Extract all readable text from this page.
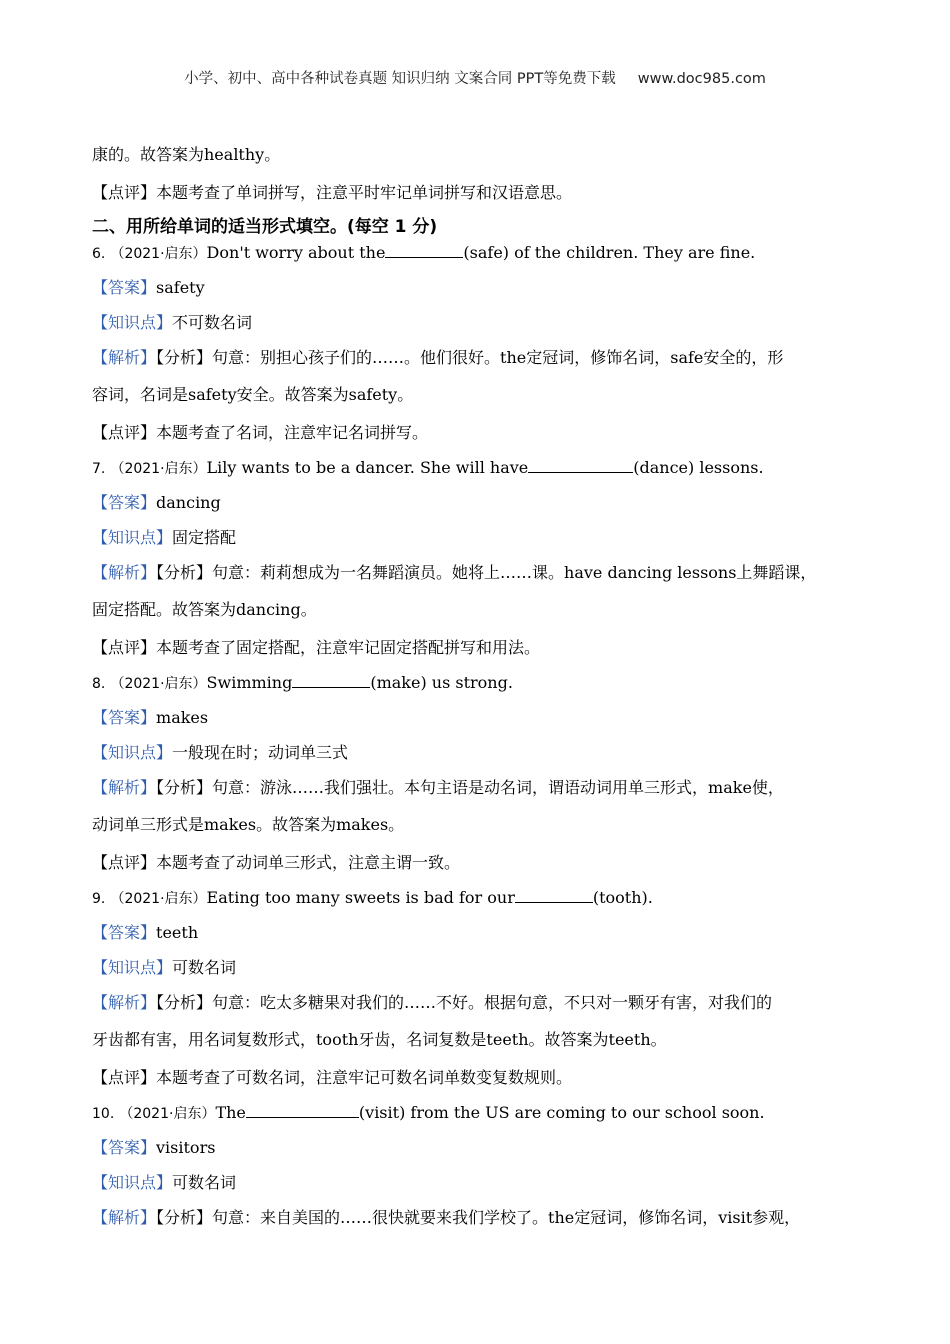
小学、初中、高中各种试卷真题 知识归纳 文案合同 PPT等免费下载 www.doc985.com
康的。故答案为healthy。
【点评】本题考查了单词拼写，注意平时牢记单词拼写和汉语意思。
二、用所给单词的适当形式填空。(每空 1 分)
6. （2021·启东）Don't worry about the	(safe) of the children. They are fine.
【答案】safety
【知识点】不可数名词
【解析】【分析】句意：别担心孩子们的……。他们很好。the定冠词，修饰名词，safe安全的，形
容词，名词是safety安全。故答案为safety。
【点评】本题考查了名词，注意牢记名词拼写。
7. （2021·启东）Lily wants to be a dancer. She will have	(dance) lessons.
【答案】dancing
【知识点】固定搭配
【解析】【分析】句意：莉莉想成为一名舞蹈演员。她将上……课。have dancing lessons上舞蹈课，
固定搭配。故答案为dancing。
【点评】本题考查了固定搭配，注意牢记固定搭配拼写和用法。
8. （2021·启东）Swimming	(make) us strong.
【答案】makes
【知识点】一般现在时；动词单三式
【解析】【分析】句意：游泳……我们强壮。本句主语是动名词，谓语动词用单三形式，make使，
动词单三形式是makes。故答案为makes。
【点评】本题考查了动词单三形式，注意主谓一致。
9. （2021·启东）Eating too many sweets is bad for our	(tooth).
【答案】teeth
【知识点】可数名词
【解析】【分析】句意：吃太多糖果对我们的……不好。根据句意，不只对一颗牙有害，对我们的
牙齿都有害，用名词复数形式，tooth牙齿，名词复数是teeth。故答案为teeth。
【点评】本题考查了可数名词，注意牢记可数名词单数变复数规则。
10. （2021·启东）The	(visit) from the US are coming to our school soon.
【答案】visitors
【知识点】可数名词
【解析】【分析】句意：来自美国的……很快就要来我们学校了。the定冠词，修饰名词，visit参观，
